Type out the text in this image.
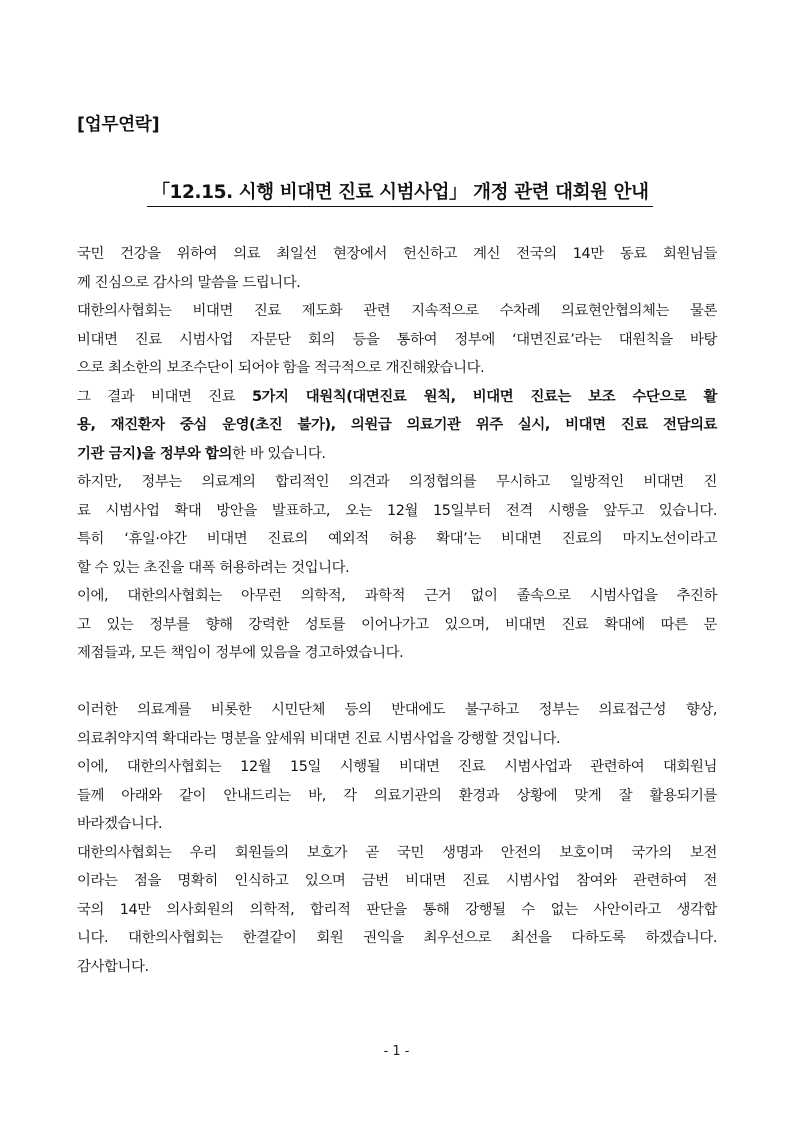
[업무연락]
「12.15. 시행 비대면 진료 시범사업」 개정 관련 대회원 안내

국민 건강을 위하여 의료 최일선 현장에서 헌신하고 계신 전국의 14만 동료 회원님들

께 진심으로 감사의 말씀을 드립니다.

대한의사협회는 비대면 진료 제도화 관련 지속적으로 수차례 의료현안협의체는 물론

비대면 진료 시범사업 자문단 회의 등을 통하여 정부에 ‘대면진료’라는 대원칙을 바탕

으로 최소한의 보조수단이 되어야 함을 적극적으로 개진해왔습니다.

그 결과 비대면 진료 5가지 대원칙(대면진료 원칙, 비대면 진료는 보조 수단으로 활

용, 재진환자 중심 운영(초진 불가), 의원급 의료기관 위주 실시, 비대면 진료 전담의료

기관 금지)을 정부와 합의한 바 있습니다.

하지만, 정부는 의료계의 합리적인 의견과 의정협의를 무시하고 일방적인 비대면 진

료 시범사업 확대 방안을 발표하고, 오는 12월 15일부터 전격 시행을 앞두고 있습니다.

특히 ‘휴일·야간 비대면 진료의 예외적 허용 확대’는 비대면 진료의 마지노선이라고

할 수 있는 초진을 대폭 허용하려는 것입니다.

이에, 대한의사협회는 아무런 의학적, 과학적 근거 없이 졸속으로 시범사업을 추진하

고 있는 정부를 향해 강력한 성토를 이어나가고 있으며, 비대면 진료 확대에 따른 문

제점들과, 모든 책임이 정부에 있음을 경고하였습니다.

이러한 의료계를 비롯한 시민단체 등의 반대에도 불구하고 정부는 의료접근성 향상,

의료취약지역 확대라는 명분을 앞세워 비대면 진료 시범사업을 강행할 것입니다.

이에, 대한의사협회는 12월 15일 시행될 비대면 진료 시범사업과 관련하여 대회원님

들께 아래와 같이 안내드리는 바, 각 의료기관의 환경과 상황에 맞게 잘 활용되기를

바라겠습니다.

대한의사협회는 우리 회원들의 보호가 곧 국민 생명과 안전의 보호이며 국가의 보전

이라는 점을 명확히 인식하고 있으며 금번 비대면 진료 시범사업 참여와 관련하여 전

국의 14만 의사회원의 의학적, 합리적 판단을 통해 강행될 수 없는 사안이라고 생각합

니다. 대한의사협회는 한결같이 회원 권익을 최우선으로 최선을 다하도록 하겠습니다.

감사합니다.

- 1 -
